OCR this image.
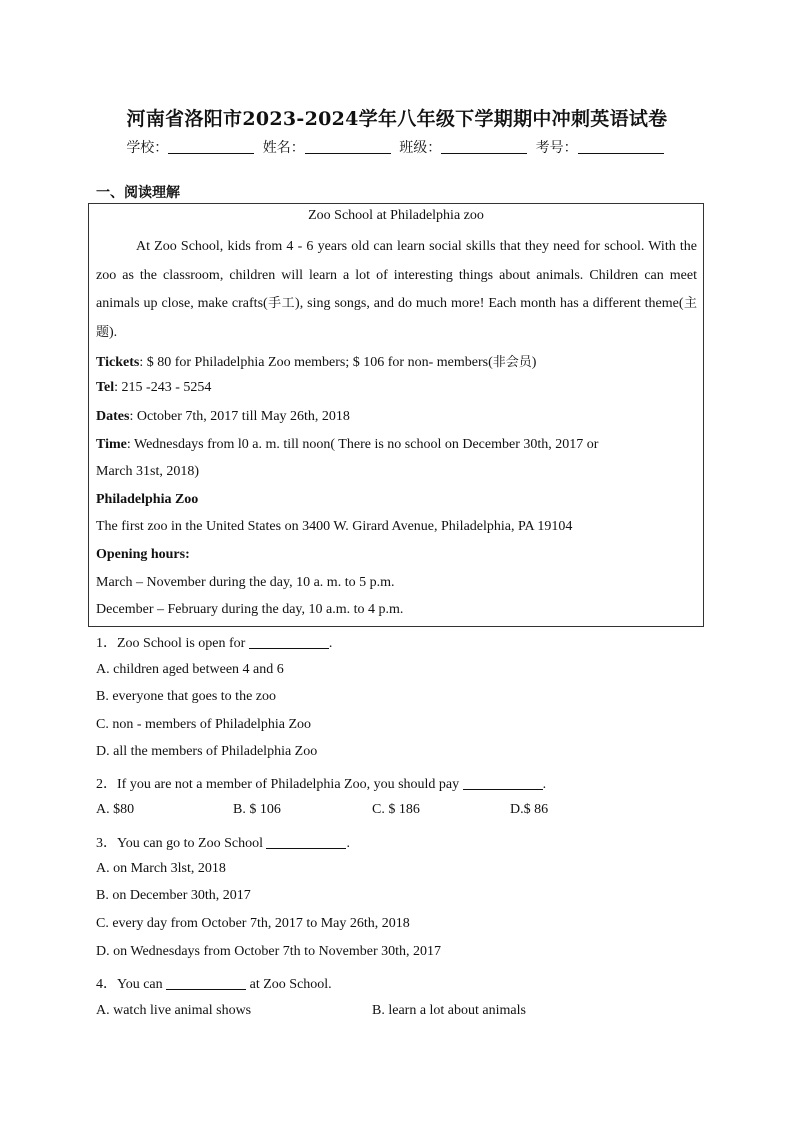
河南省洛阳市2023-2024学年八年级下学期期中冲刺英语试卷
学校：	姓名：	班级：	考号：
一、阅读理解
Zoo School at Philadelphia zoo

At Zoo School, kids from 4 - 6 years old can learn social skills that they need for school. With the zoo as the classroom, children will learn a lot of interesting things about animals. Children can meet animals up close, make crafts(手工), sing songs, and do much more! Each month has a different theme(主题).

Tickets: $ 80 for Philadelphia Zoo members; $ 106 for non- members(非会员)
Tel: 215 -243 - 5254
Dates: October 7th, 2017 till May 26th, 2018
Time: Wednesdays from l0 a. m. till noon( There is no school on December 30th, 2017 or
March 31st, 2018)
Philadelphia Zoo
The first zoo in the United States on 3400 W. Girard Avenue, Philadelphia, PA 19104
Opening hours:
March – November during the day, 10 a. m. to 5 p.m.
December – February during the day, 10 a.m. to 4 p.m.
1．Zoo School is open for	.
A. children aged between 4 and 6
B. everyone that goes to the zoo
C. non - members of Philadelphia Zoo
D. all the members of Philadelphia Zoo
2．If you are not a member of Philadelphia Zoo, you should pay	.
A. $80	B. $ 106	C. $ 186	D.$ 86
3．You can go to Zoo School	.
A. on March 3lst, 2018
B. on December 30th, 2017
C. every day from October 7th, 2017 to May 26th, 2018
D. on Wednesdays from October 7th to November 30th, 2017
4．You can	at Zoo School.
A. watch live animal shows	B. learn a lot about animals
